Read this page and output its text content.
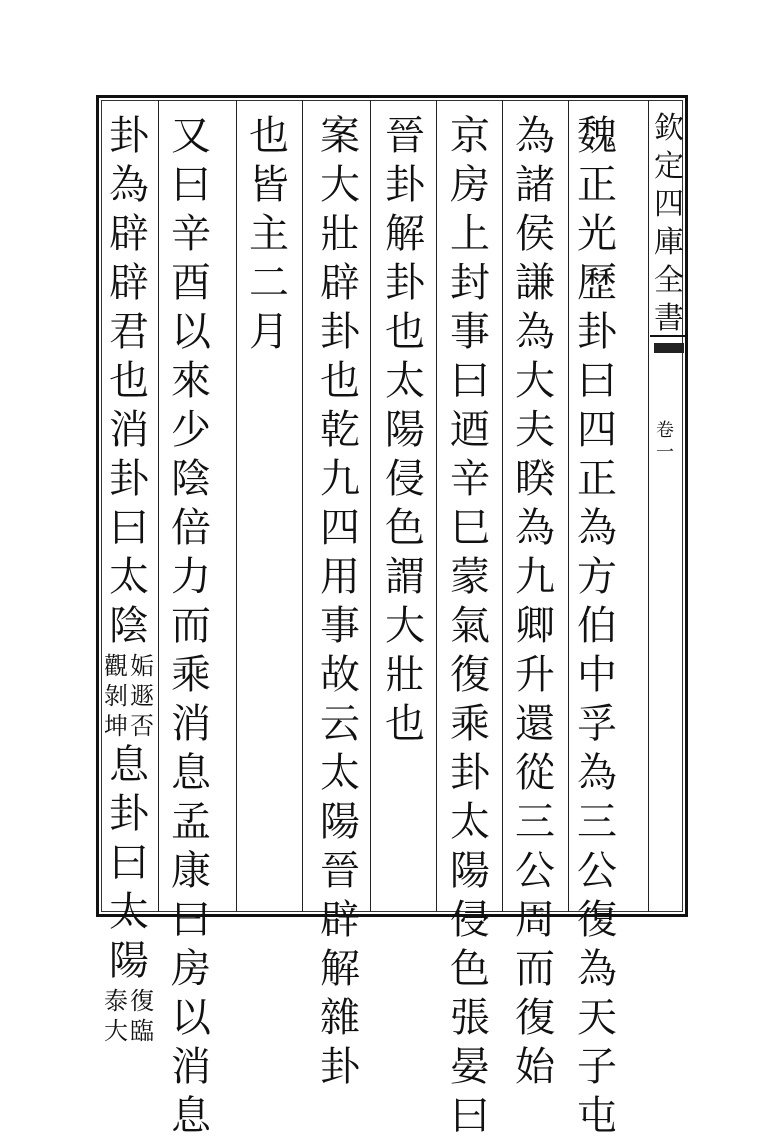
欽
定
四
庫
全
書
卷
一
魏
正
光
歷
卦
曰
四
正
為
方
伯
中
孚
為
三
公
復
為
天
子
屯
為
諸
侯
謙
為
大
夫
睽
為
九
卿
升
還
從
三
公
周
而
復
始
京
房
上
封
事
曰
迺
辛
巳
蒙
氣
復
乘
卦
太
陽
侵
色
張
晏
曰
晉
卦
解
卦
也
太
陽
侵
色
謂
大
壯
也
案
大
壯
辟
卦
也
乾
九
四
用
事
故
云
太
陽
晉
辟
解
雜
卦
也
皆
主
二
月
又
曰
辛
酉
以
來
少
陰
倍
力
而
乘
消
息
孟
康
曰
房
以
消
息
卦
為
辟
辟
君
也
消
卦
曰
太
陰
姤
遯
否
觀
剝
坤
息
卦
曰
太
陽
復
臨
泰
大
